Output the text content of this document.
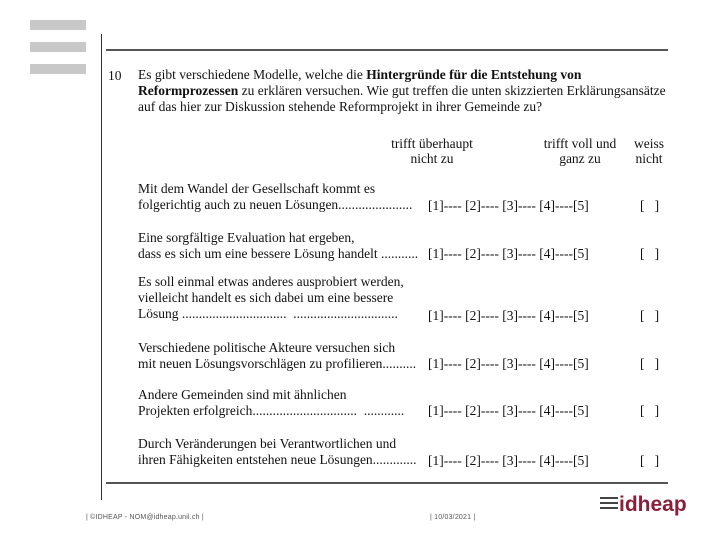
10 Es gibt verschiedene Modelle, welche die Hintergründe für die Entstehung von Reformprozessen zu erklären versuchen. Wie gut treffen die unten skizzierten Erklärungsansätze auf das hier zur Diskussion stehende Reformprojekt in ihrer Gemeinde zu?
trifft überhaupt
nicht zu
trifft voll und
ganz zu
weiss
nicht
Mit dem Wandel der Gesellschaft kommt es
folgerichtig auch zu neuen Lösungen...................... [1]---- [2]---- [3]---- [4]----[5]	[   ]
Eine sorgfältige Evaluation hat ergeben,
dass es sich um eine bessere Lösung handelt ........... [1]---- [2]---- [3]---- [4]----[5]	[   ]
Es soll einmal etwas anderes ausprobiert werden,
vielleicht handelt es sich dabei um eine bessere
Lösung ...............................  ...............................	[1]---- [2]---- [3]---- [4]----[5]	[   ]
Verschiedene politische Akteure versuchen sich
mit neuen Lösungsvorschlägen zu profilieren.......... [1]---- [2]---- [3]---- [4]----[5]	[   ]
Andere Gemeinden sind mit ähnlichen
Projekten erfolgreich...............................  ............ [1]---- [2]---- [3]---- [4]----[5]	[   ]
Durch Veränderungen bei Verantwortlichen und
ihren Fähigkeiten entstehen neue Lösungen............. [1]---- [2]---- [3]---- [4]----[5]	[   ]
| ©IDHEAP - NOM@idheap.unil.ch |	| 10/03/2021 |
idheap
